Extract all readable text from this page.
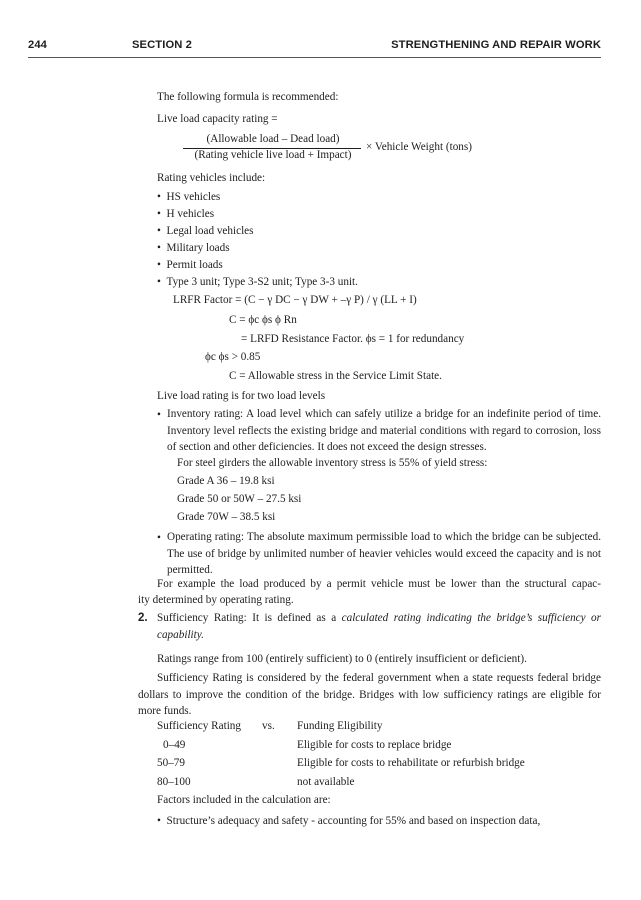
244	SECTION 2	STRENGTHENING AND REPAIR WORK
The following formula is recommended:
Live load capacity rating =
(Allowable load – Dead load)
(Rating vehicle live load + Impact)
× Vehicle Weight (tons)
Rating vehicles include:
•  HS vehicles
•  H vehicles
•  Legal load vehicles
•  Military loads
•  Permit loads
•  Type 3 unit; Type 3-S2 unit; Type 3-3 unit.
LRFR Factor = (C − γ DC − γ DW + –γ P) / γ (LL + I)
C = ϕc ϕs ϕ Rn
= LRFD Resistance Factor. ϕs = 1 for redundancy
ϕc ϕs > 0.85
C = Allowable stress in the Service Limit State.
Live load rating is for two load levels
• Inventory rating: A load level which can safely utilize a bridge for an indefinite period of time. Inventory level reflects the existing bridge and material conditions with regard to corrosion, loss of section and other deficiencies. It does not exceed the design stresses.
For steel girders the allowable inventory stress is 55% of yield stress:
Grade A 36 – 19.8 ksi
Grade 50 or 50W – 27.5 ksi
Grade 70W – 38.5 ksi
• Operating rating: The absolute maximum permissible load to which the bridge can be subjected. The use of bridge by unlimited number of heavier vehicles would exceed the capacity and is not permitted.
For example the load produced by a permit vehicle must be lower than the structural capac-
ity determined by operating rating.
2. Sufficiency Rating: It is defined as a calculated rating indicating the bridge’s sufficiency or capability.
Ratings range from 100 (entirely sufficient) to 0 (entirely insufficient or deficient).
Sufficiency Rating is considered by the federal government when a state requests federal bridge dollars to improve the condition of the bridge. Bridges with low sufficiency ratings are eligible for more funds.
Sufficiency Rating vs. Funding Eligibility
0–49	Eligible for costs to replace bridge
50–79	Eligible for costs to rehabilitate or refurbish bridge
80–100	not available
Factors included in the calculation are:
•  Structure’s adequacy and safety - accounting for 55% and based on inspection data,
